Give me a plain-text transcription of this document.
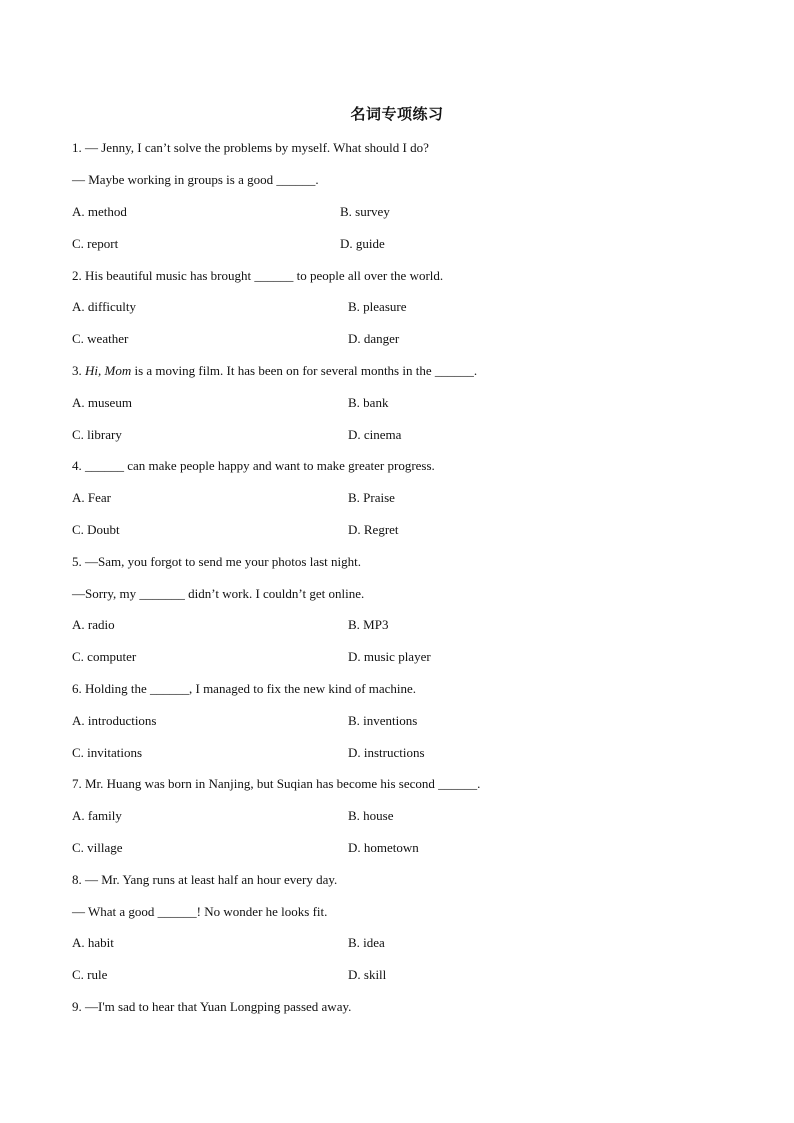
名词专项练习
1. — Jenny, I can’t solve the problems by myself. What should I do?
— Maybe working in groups is a good ______.
A. method	B. survey
C. report	D. guide
2. His beautiful music has brought ______ to people all over the world.
A. difficulty	B. pleasure
C. weather	D. danger
3. Hi, Mom is a moving film. It has been on for several months in the ______.
A. museum	B. bank
C. library	D. cinema
4. ______ can make people happy and want to make greater progress.
A. Fear	B. Praise
C. Doubt	D. Regret
5. —Sam, you forgot to send me your photos last night.
—Sorry, my _______ didn’t work. I couldn’t get online.
A. radio	B. MP3
C. computer	D. music player
6. Holding the ______, I managed to fix the new kind of machine.
A. introductions	B. inventions
C. invitations	D. instructions
7. Mr. Huang was born in Nanjing, but Suqian has become his second ______.
A. family	B. house
C. village	D. hometown
8. — Mr. Yang runs at least half an hour every day.
— What a good ______! No wonder he looks fit.
A. habit	B. idea
C. rule	D. skill
9. —I'm sad to hear that Yuan Longping passed away.
